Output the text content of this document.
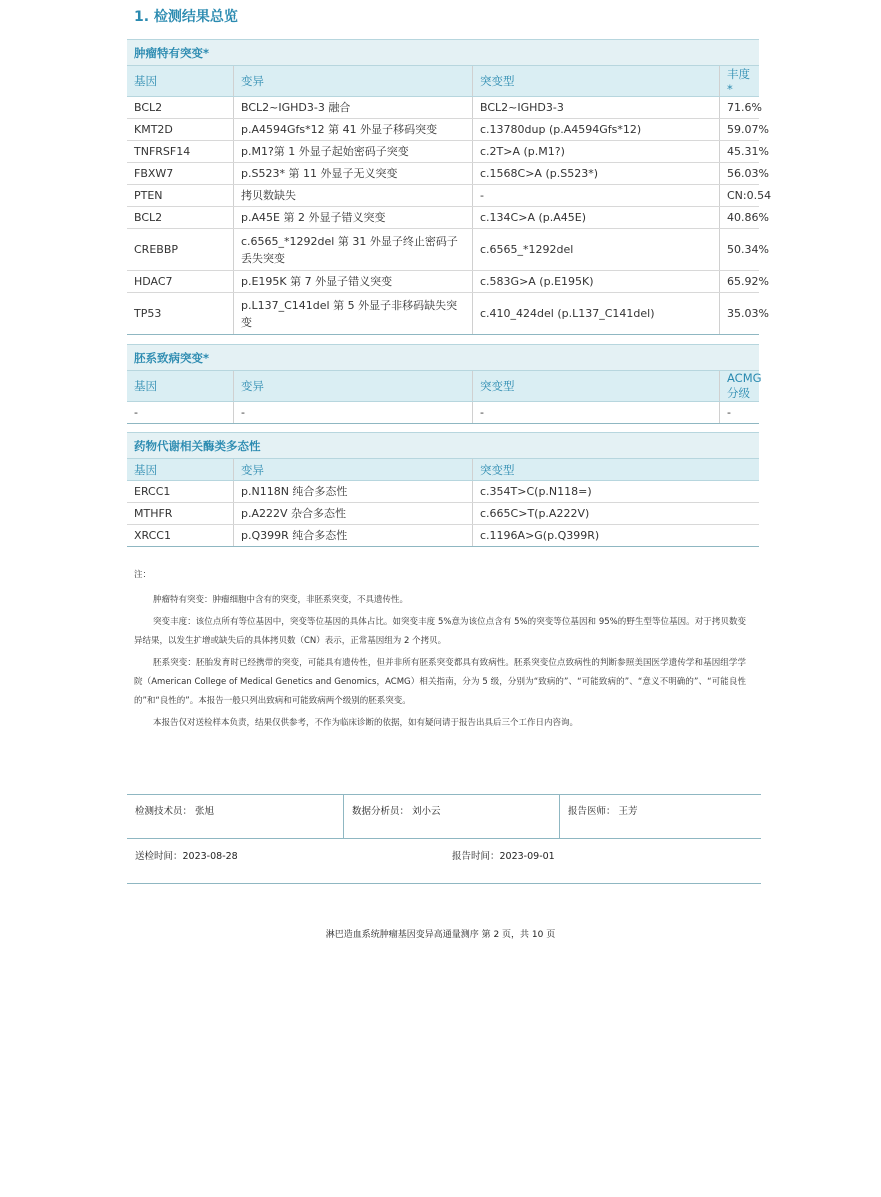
1. 检测结果总览
肿瘤特有突变*
基因	变异	突变型	丰度*
BCL2	BCL2~IGHD3-3 融合	BCL2~IGHD3-3	71.6%
KMT2D	p.A4594Gfs*12 第 41 外显子移码突变	c.13780dup (p.A4594Gfs*12)	59.07%
TNFRSF14	p.M1?第 1 外显子起始密码子突变	c.2T>A (p.M1?)	45.31%
FBXW7	p.S523* 第 11 外显子无义突变	c.1568C>A (p.S523*)	56.03%
PTEN	拷贝数缺失	-	CN:0.54
BCL2	p.A45E 第 2 外显子错义突变	c.134C>A (p.A45E)	40.86%
CREBBP	c.6565_*1292del 第 31 外显子终止密码子丢失突变	c.6565_*1292del	50.34%
HDAC7	p.E195K 第 7 外显子错义突变	c.583G>A (p.E195K)	65.92%
TP53	p.L137_C141del 第 5 外显子非移码缺失突变	c.410_424del (p.L137_C141del)	35.03%
胚系致病突变*
基因	变异	突变型	ACMG 分级
-	-	-	-
药物代谢相关酶类多态性
基因	变异	突变型
ERCC1	p.N118N 纯合多态性	c.354T>C(p.N118=)
MTHFR	p.A222V 杂合多态性	c.665C>T(p.A222V)
XRCC1	p.Q399R 纯合多态性	c.1196A>G(p.Q399R)

注：

肿瘤特有突变：肿瘤细胞中含有的突变，非胚系突变，不具遗传性。

突变丰度：该位点所有等位基因中，突变等位基因的具体占比。如突变丰度 5%意为该位点含有 5%的突变等位基因和 95%的野生型等位基因。对于拷贝数变异结果，以发生扩增或缺失后的具体拷贝数（CN）表示，正常基因组为 2 个拷贝。

胚系突变：胚胎发育时已经携带的突变，可能具有遗传性，但并非所有胚系突变都具有致病性。胚系突变位点致病性的判断参照美国医学遗传学和基因组学学院（American College of Medical Genetics and Genomics，ACMG）相关指南，分为 5 级，分别为“致病的”、“可能致病的”、“意义不明确的”、“可能良性的”和“良性的”。本报告一般只列出致病和可能致病两个级别的胚系突变。

本报告仅对送检样本负责，结果仅供参考，不作为临床诊断的依据，如有疑问请于报告出具后三个工作日内咨询。

检测技术员： 张旭	数据分析员： 刘小云	报告医师： 王芳
送检时间：2023-08-28	报告时间：2023-09-01
淋巴造血系统肿瘤基因变异高通量测序 第 2 页，共 10 页
